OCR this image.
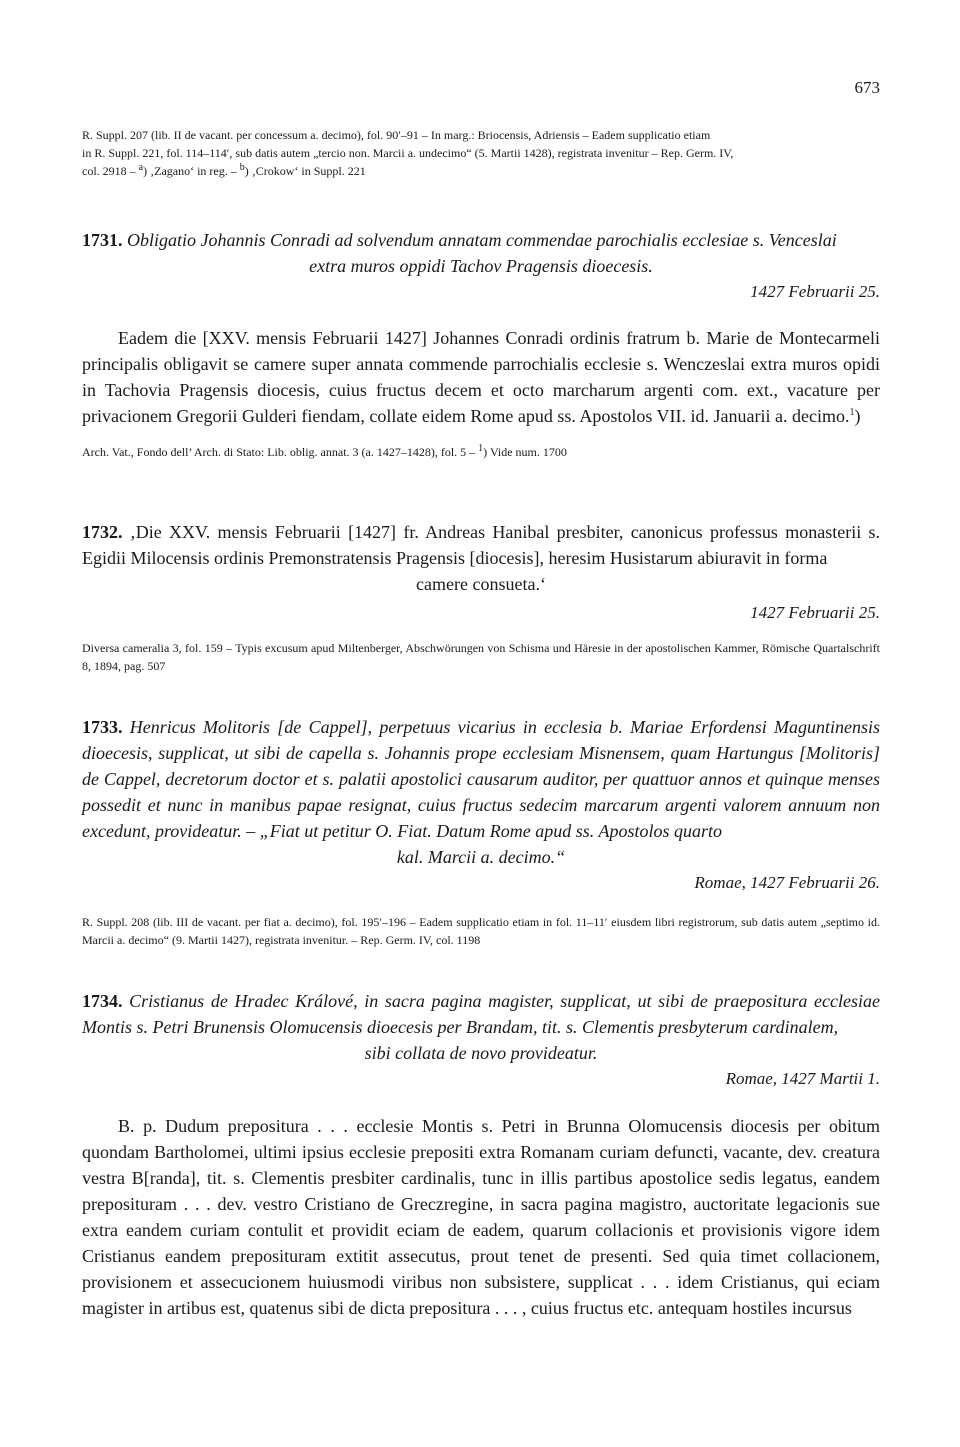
673

R. Suppl. 207 (lib. II de vacant. per concessum a. decimo), fol. 90′–91 – In marg.: Briocensis, Adriensis – Eadem supplicatio etiam

in R. Suppl. 221, fol. 114–114′, sub datis autem „tercio non. Marcii a. undecimo“ (5. Martii 1428), registrata invenitur – Rep. Germ. IV,

col. 2918 – $^a$) ‚Zagano‘ in reg. – $^b$) ‚Crokow‘ in Suppl. 221

1731. Obligatio Johannis Conradi ad solvendum annatam commendae parochialis ecclesiae s. Venceslai
extra muros oppidi Tachov Pragensis dioecesis.

1427 Februarii 25.

Eadem die [XXV. mensis Februarii 1427] Johannes Conradi ordinis fratrum b. Marie de Montecarmeli principalis obligavit se camere super annata commende parrochialis ecclesie s. Wenczeslai extra muros opidi in Tachovia Pragensis diocesis, cuius fructus decem et octo marcharum argenti com. ext., vacature per privacionem Gregorii Gulderi fiendam, collate eidem Rome apud ss. Apostolos VII. id. Januarii a. decimo.$^1$)

Arch. Vat., Fondo dell’ Arch. di Stato: Lib. oblig. annat. 3 (a. 1427–1428), fol. 5 – $^1$) Vide num. 1700

1732. ‚Die XXV. mensis Februarii [1427] fr. Andreas Hanibal presbiter, canonicus professus monasterii s. Egidii Milocensis ordinis Premonstratensis Pragensis [diocesis], heresim Husistarum abiuravit in forma
camere consueta.‘

1427 Februarii 25.

Diversa cameralia 3, fol. 159 – Typis excusum apud Miltenberger, Abschwörungen von Schisma und Häresie in der apostolischen Kammer, Römische Quartalschrift 8, 1894, pag. 507

1733. Henricus Molitoris [de Cappel], perpetuus vicarius in ecclesia b. Mariae Erfordensi Maguntinensis dioecesis, supplicat, ut sibi de capella s. Johannis prope ecclesiam Misnensem, quam Hartungus [Molitoris] de Cappel, decretorum doctor et s. palatii apostolici causarum auditor, per quattuor annos et quinque menses possedit et nunc in manibus papae resignat, cuius fructus sedecim marcarum argenti valorem annuum non excedunt, provideatur. – „Fiat ut petitur O. Fiat. Datum Rome apud ss. Apostolos quarto
kal. Marcii a. decimo.“

Romae, 1427 Februarii 26.

R. Suppl. 208 (lib. III de vacant. per fiat a. decimo), fol. 195′–196 – Eadem supplicatio etiam in fol. 11–11′ eiusdem libri registrorum, sub datis autem „septimo id. Marcii a. decimo“ (9. Martii 1427), registrata invenitur. – Rep. Germ. IV, col. 1198

1734. Cristianus de Hradec Králové, in sacra pagina magister, supplicat, ut sibi de praepositura ecclesiae Montis s. Petri Brunensis Olomucensis dioecesis per Brandam, tit. s. Clementis presbyterum cardinalem,
sibi collata de novo provideatur.

Romae, 1427 Martii 1.

B. p. Dudum prepositura . . . ecclesie Montis s. Petri in Brunna Olomucensis diocesis per obitum quondam Bartholomei, ultimi ipsius ecclesie prepositi extra Romanam curiam defuncti, vacante, dev. creatura vestra B[randa], tit. s. Clementis presbiter cardinalis, tunc in illis partibus apostolice sedis legatus, eandem preposituram . . . dev. vestro Cristiano de Greczregine, in sacra pagina magistro, auctoritate legacionis sue extra eandem curiam contulit et providit eciam de eadem, quarum collacionis et provisionis vigore idem Cristianus eandem preposituram extitit assecutus, prout tenet de presenti. Sed quia timet collacionem, provisionem et assecucionem huiusmodi viribus non subsistere, supplicat . . . idem Cristianus, qui eciam magister in artibus est, quatenus sibi de dicta prepositura . . . , cuius fructus etc. antequam hostiles incursus
